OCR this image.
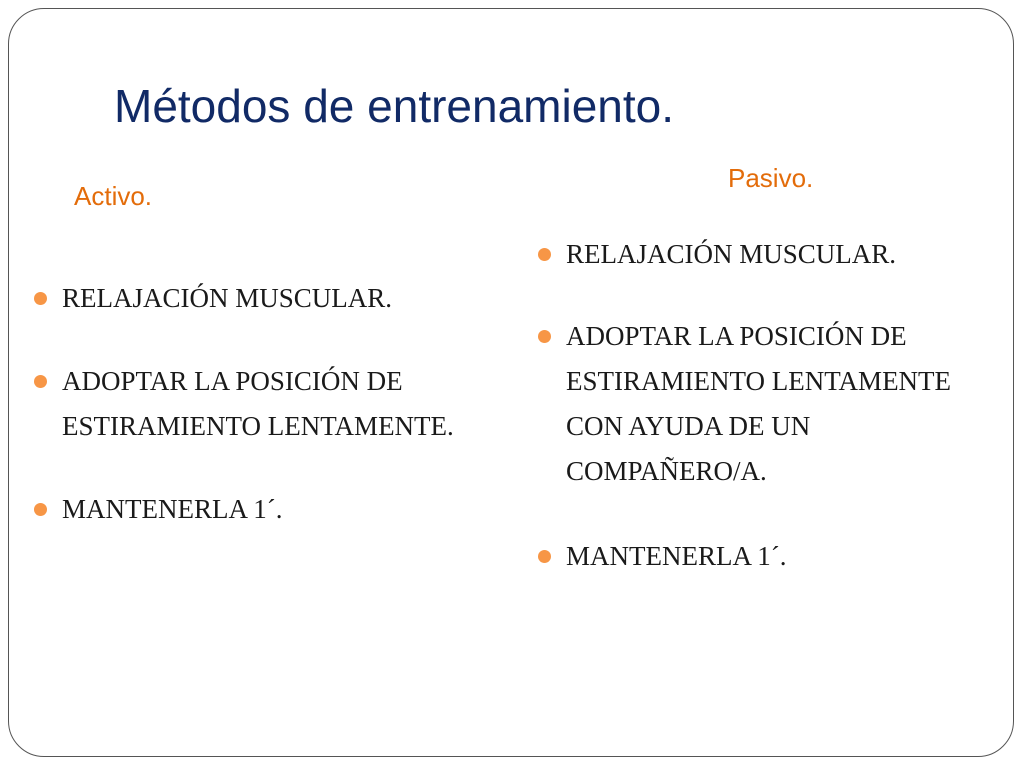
Métodos de entrenamiento.
Activo.
Pasivo.
RELAJACIÓN MUSCULAR.
ADOPTAR LA POSICIÓN DE ESTIRAMIENTO LENTAMENTE.
MANTENERLA 1´.
RELAJACIÓN MUSCULAR.
ADOPTAR LA POSICIÓN DE ESTIRAMIENTO LENTAMENTE CON AYUDA DE UN COMPAÑERO/A.
MANTENERLA 1´.
